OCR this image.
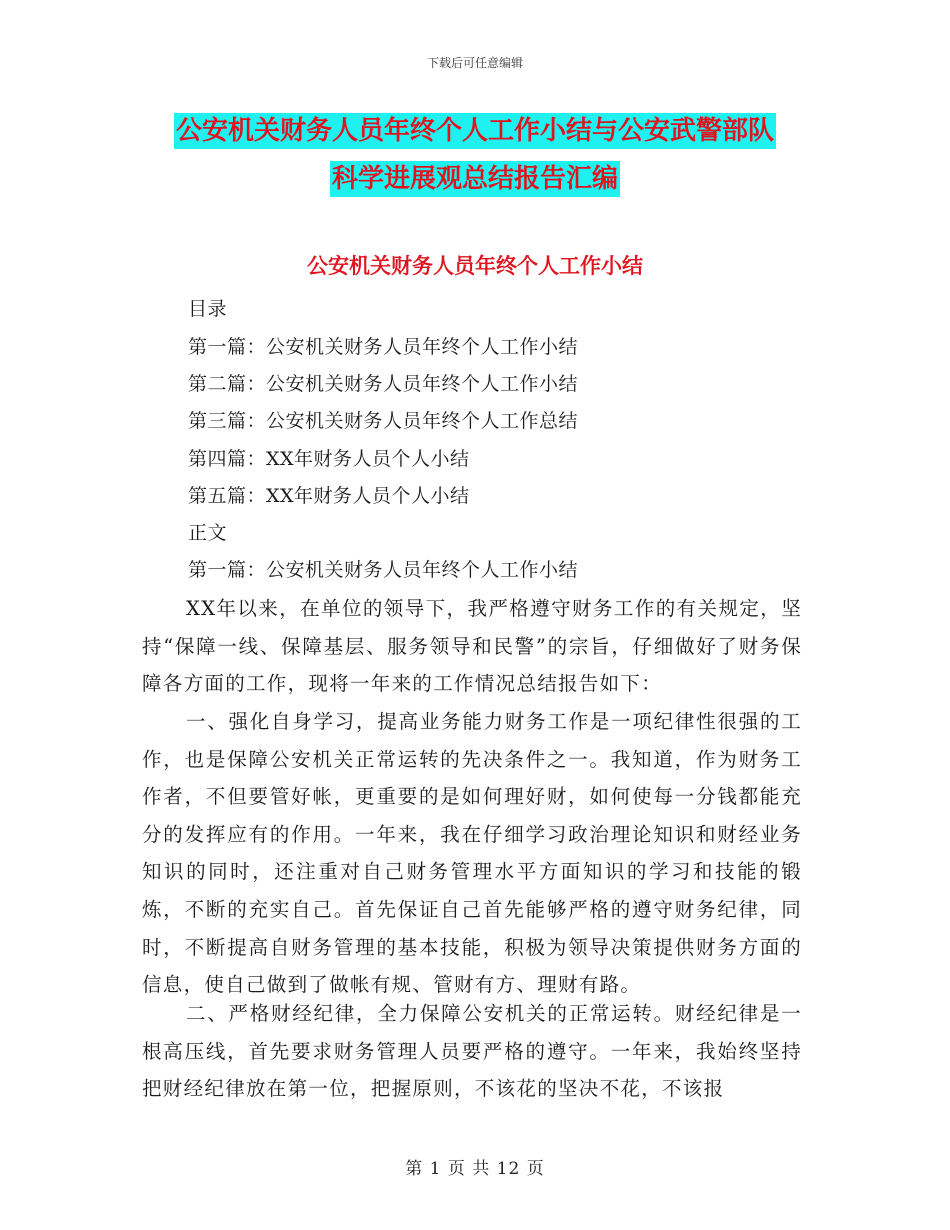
下载后可任意编辑
公安机关财务人员年终个人工作小结与公安武警部队
科学进展观总结报告汇编
公安机关财务人员年终个人工作小结
目录
第一篇：公安机关财务人员年终个人工作小结
第二篇：公安机关财务人员年终个人工作小结
第三篇：公安机关财务人员年终个人工作总结
第四篇：XX年财务人员个人小结
第五篇：XX年财务人员个人小结
正文
第一篇：公安机关财务人员年终个人工作小结

XX年以来，在单位的领导下，我严格遵守财务工作的有关规定，坚持“保障一线、保障基层、服务领导和民警”的宗旨，仔细做好了财务保障各方面的工作，现将一年来的工作情况总结报告如下：

一、强化自身学习，提高业务能力财务工作是一项纪律性很强的工作，也是保障公安机关正常运转的先决条件之一。我知道，作为财务工作者，不但要管好帐，更重要的是如何理好财，如何使每一分钱都能充分的发挥应有的作用。一年来，我在仔细学习政治理论知识和财经业务知识的同时，还注重对自己财务管理水平方面知识的学习和技能的锻炼，不断的充实自己。首先保证自己首先能够严格的遵守财务纪律，同时，不断提高自财务管理的基本技能，积极为领导决策提供财务方面的信息，使自己做到了做帐有规、管财有方、理财有路。

二、严格财经纪律，全力保障公安机关的正常运转。财经纪律是一根高压线，首先要求财务管理人员要严格的遵守。一年来，我始终坚持把财经纪律放在第一位，把握原则，不该花的坚决不花，不该报

第 1 页 共 12 页
